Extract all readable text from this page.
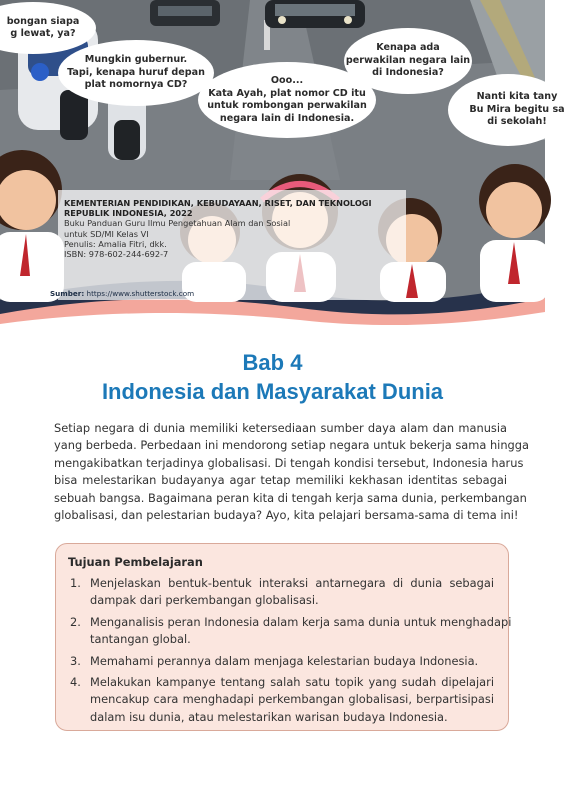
bongan siapa
g lewat, ya?
Mungkin gubernur.
Tapi, kenapa huruf depan
plat nomornya CD?	Ooo...
Kata Ayah, plat nomor CD itu
untuk rombongan perwakilan
negara lain di Indonesia.
Kenapa ada
perwakilan negara lain
di Indonesia?
Nanti kita tany
Bu Mira begitu sa
di sekolah!
KEMENTERIAN PENDIDIKAN, KEBUDAYAAN, RISET, DAN TEKNOLOGI
REPUBLIK INDONESIA, 2022
Buku Panduan Guru Ilmu Pengetahuan Alam dan Sosial
untuk SD/MI Kelas VI
Penulis: Amalia Fitri, dkk.
ISBN: 978-602-244-692-7
Sumber: https://www.shutterstock.com
Bab 4
Indonesia dan Masyarakat Dunia
Setiap negara di dunia memiliki ketersediaan sumber daya alam dan manusia
yang berbeda. Perbedaan ini mendorong setiap negara untuk bekerja sama hingga
mengakibatkan terjadinya globalisasi. Di tengah kondisi tersebut, Indonesia harus
bisa melestarikan budayanya agar tetap memiliki kekhasan identitas sebagai
sebuah bangsa. Bagaimana peran kita di tengah kerja sama dunia, perkembangan
globalisasi, dan pelestarian budaya? Ayo, kita pelajari bersama-sama di tema ini!
Tujuan Pembelajaran
1. Menjelaskan bentuk-bentuk interaksi antarnegara di dunia sebagai
dampak dari perkembangan globalisasi.
2. Menganalisis peran Indonesia dalam kerja sama dunia untuk menghadapi
tantangan global.
3. Memahami perannya dalam menjaga kelestarian budaya Indonesia.
4. Melakukan kampanye tentang salah satu topik yang sudah dipelajari
mencakup cara menghadapi perkembangan globalisasi, berpartisipasi
dalam isu dunia, atau melestarikan warisan budaya Indonesia.
